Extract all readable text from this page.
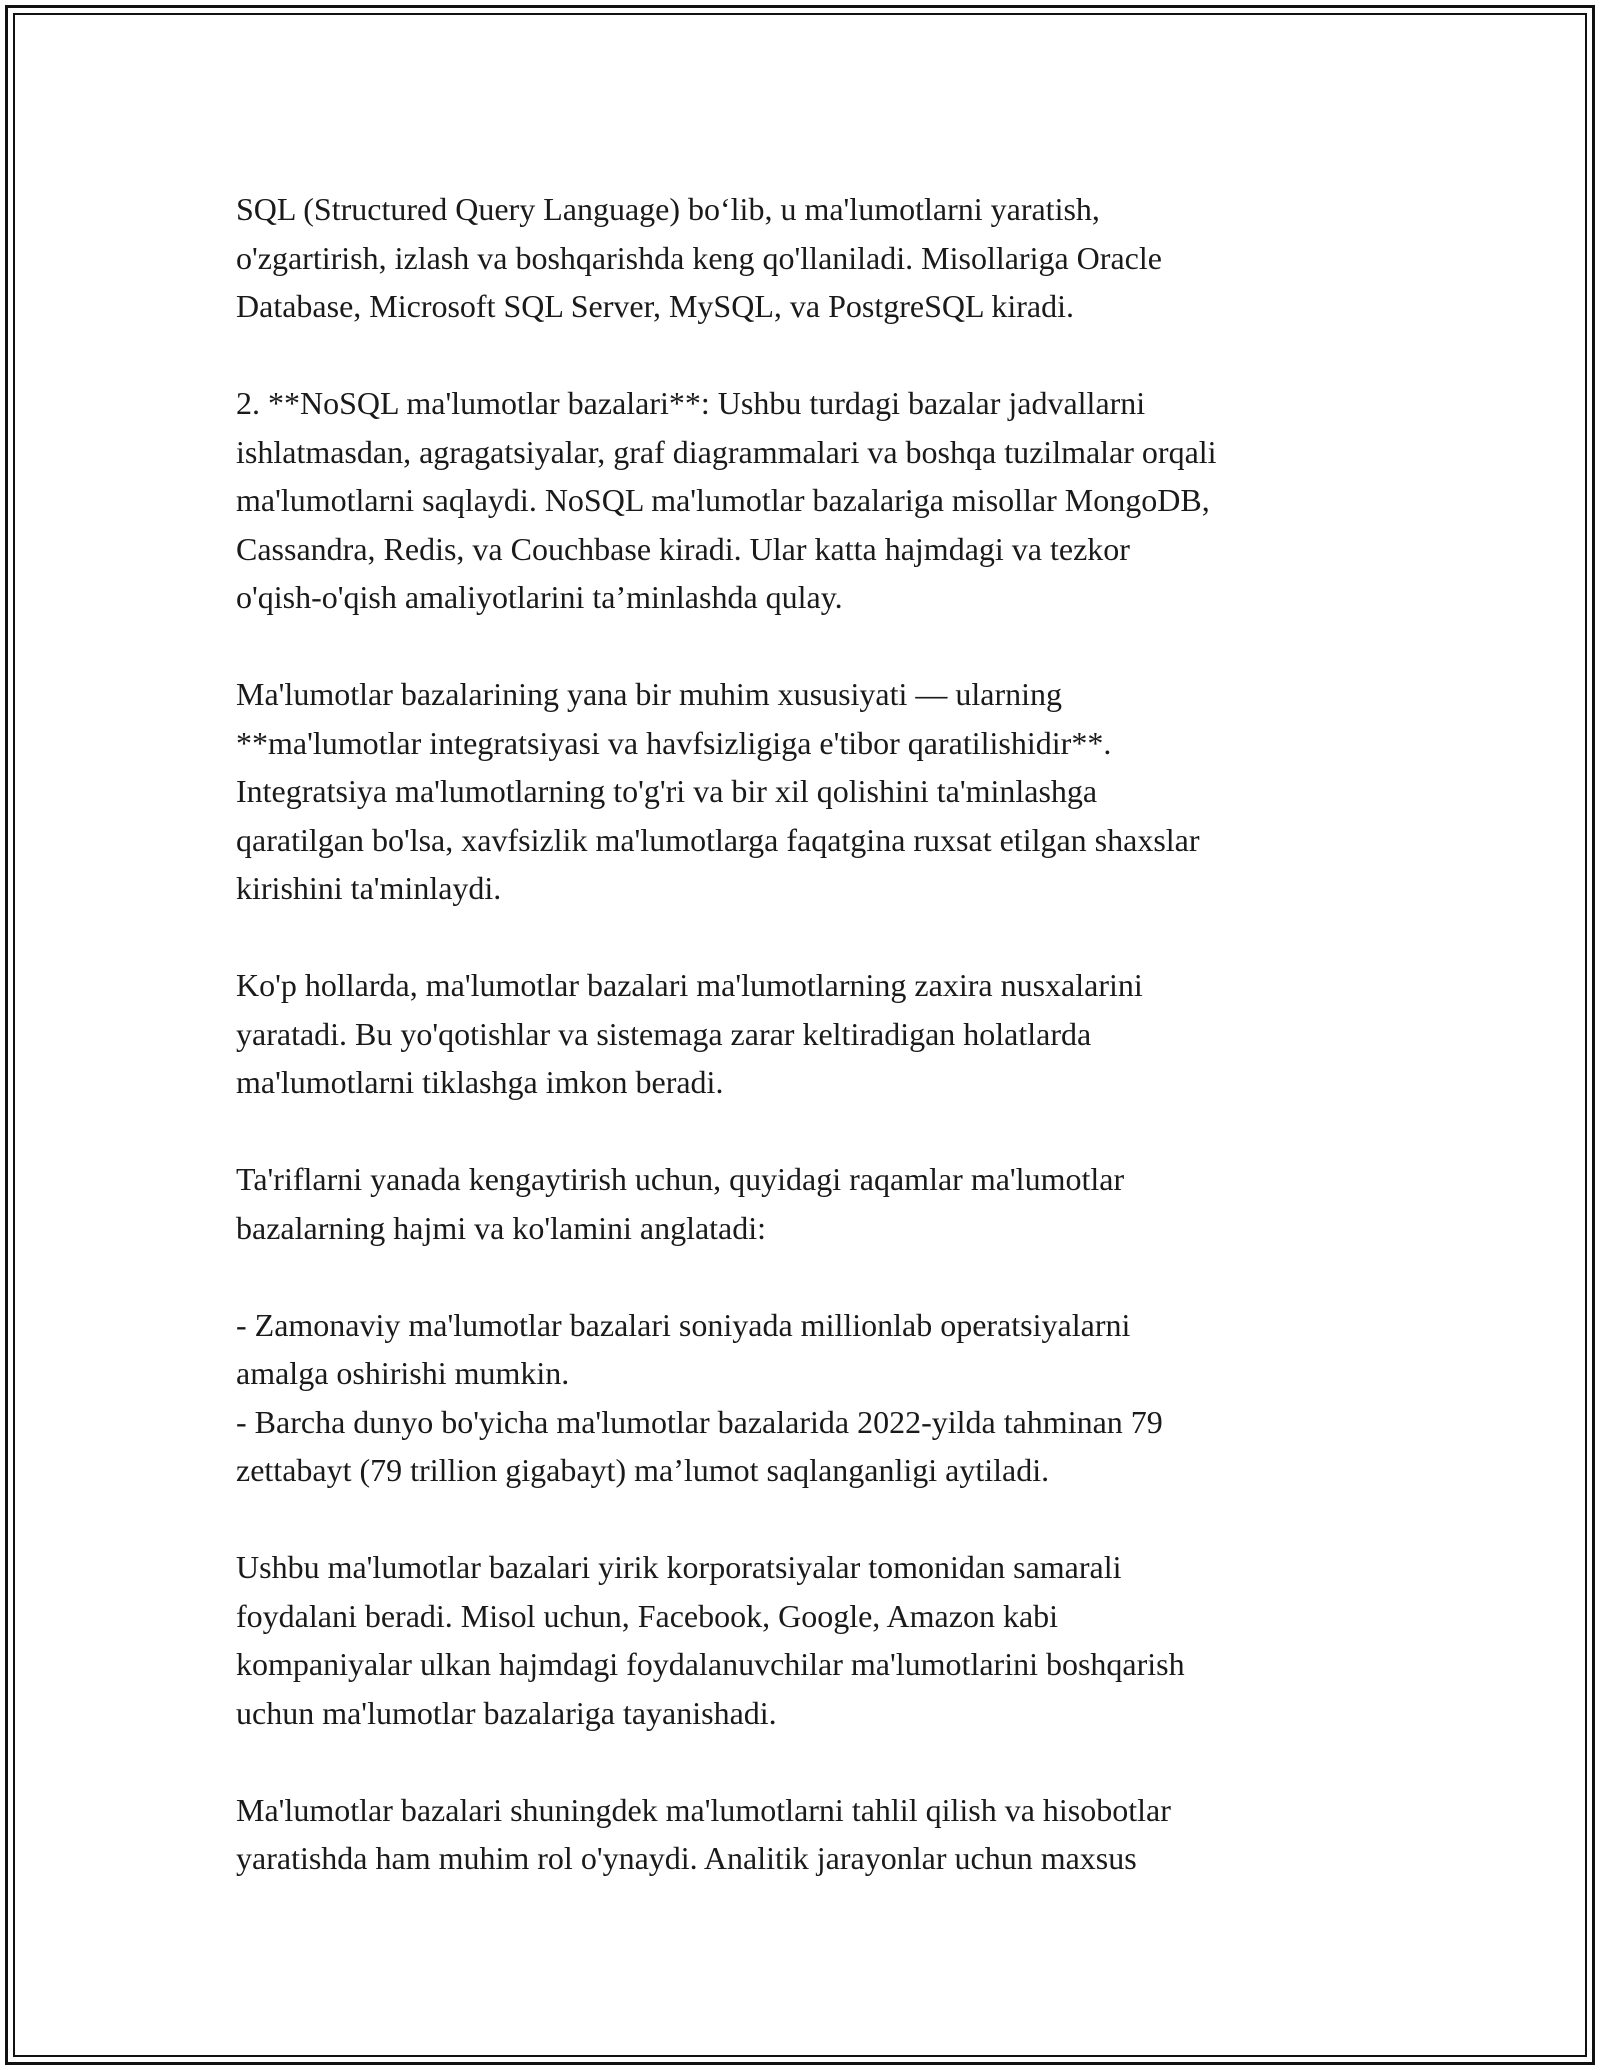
SQL (Structured Query Language) bo‘lib, u ma'lumotlarni yaratish,
o'zgartirish, izlash va boshqarishda keng qo'llaniladi. Misollariga Oracle
Database, Microsoft SQL Server, MySQL, va PostgreSQL kiradi.

2. **NoSQL ma'lumotlar bazalari**: Ushbu turdagi bazalar jadvallarni
ishlatmasdan, agragatsiyalar, graf diagrammalari va boshqa tuzilmalar orqali
ma'lumotlarni saqlaydi. NoSQL ma'lumotlar bazalariga misollar MongoDB,
Cassandra, Redis, va Couchbase kiradi. Ular katta hajmdagi va tezkor
o'qish-o'qish amaliyotlarini ta’minlashda qulay.

Ma'lumotlar bazalarining yana bir muhim xususiyati — ularning
**ma'lumotlar integratsiyasi va havfsizligiga e'tibor qaratilishidir**.
Integratsiya ma'lumotlarning to'g'ri va bir xil qolishini ta'minlashga
qaratilgan bo'lsa, xavfsizlik ma'lumotlarga faqatgina ruxsat etilgan shaxslar
kirishini ta'minlaydi.

Ko'p hollarda, ma'lumotlar bazalari ma'lumotlarning zaxira nusxalarini
yaratadi. Bu yo'qotishlar va sistemaga zarar keltiradigan holatlarda
ma'lumotlarni tiklashga imkon beradi.

Ta'riflarni yanada kengaytirish uchun, quyidagi raqamlar ma'lumotlar
bazalarning hajmi va ko'lamini anglatadi:

- Zamonaviy ma'lumotlar bazalari soniyada millionlab operatsiyalarni
amalga oshirishi mumkin.
- Barcha dunyo bo'yicha ma'lumotlar bazalarida 2022-yilda tahminan 79
zettabayt (79 trillion gigabayt) ma’lumot saqlanganligi aytiladi.

Ushbu ma'lumotlar bazalari yirik korporatsiyalar tomonidan samarali
foydalani beradi. Misol uchun, Facebook, Google, Amazon kabi
kompaniyalar ulkan hajmdagi foydalanuvchilar ma'lumotlarini boshqarish
uchun ma'lumotlar bazalariga tayanishadi.

Ma'lumotlar bazalari shuningdek ma'lumotlarni tahlil qilish va hisobotlar
yaratishda ham muhim rol o'ynaydi. Analitik jarayonlar uchun maxsus
